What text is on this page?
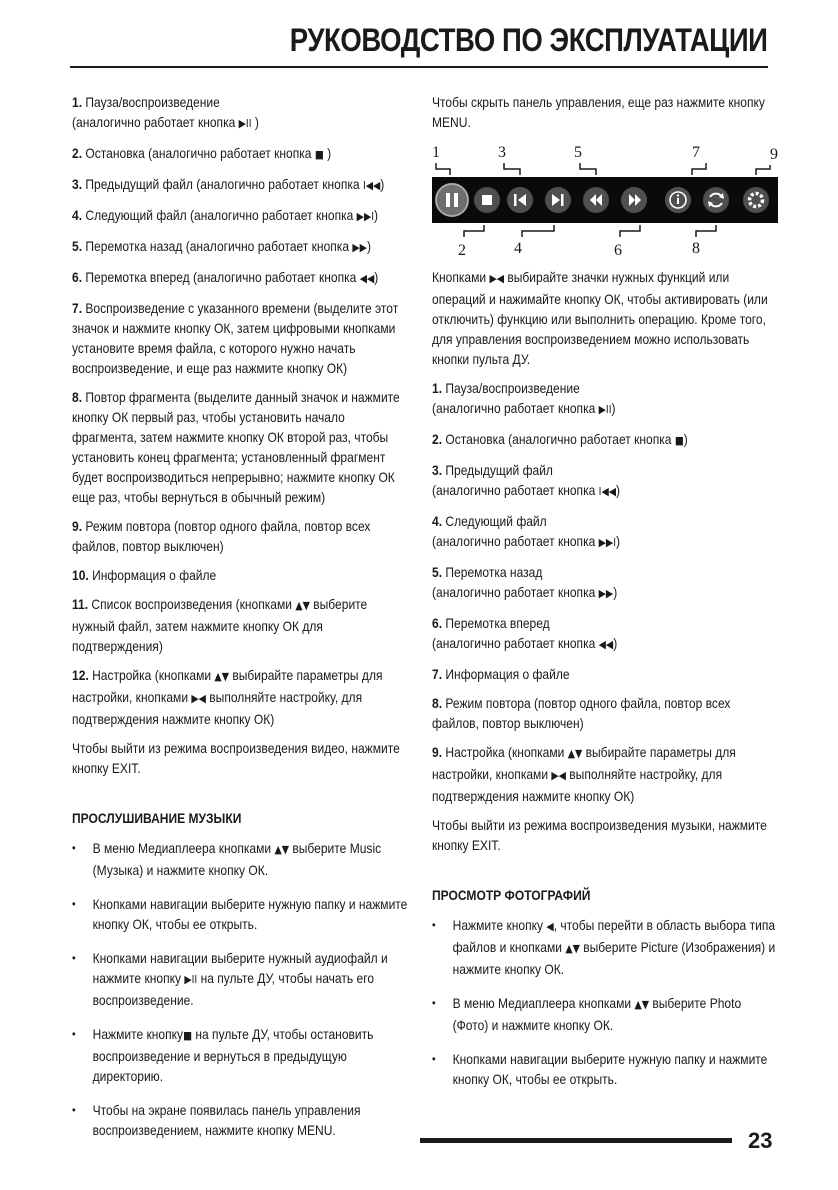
РУКОВОДСТВО ПО ЭКСПЛУАТАЦИИ

1. Пауза/воспроизведение
(аналогично работает кнопка ▶II )

2. Остановка (аналогично работает кнопка ■ )

3. Предыдущий файл (аналогично работает кнопка I◀◀)

4. Следующий файл (аналогично работает кнопка ▶▶I)

5. Перемотка назад (аналогично работает кнопка ▶▶)

6. Перемотка вперед (аналогично работает кнопка ◀◀)

7. Воспроизведение с указанного времени (выделите этот значок и нажмите кнопку ОК, затем цифровыми кнопками установите время файла, с которого нужно начать воспроизведение, и еще раз нажмите кнопку ОК)

8. Повтор фрагмента (выделите данный значок и нажмите кнопку ОК первый раз, чтобы установить начало фрагмента, затем нажмите кнопку ОК второй раз, чтобы установить конец фрагмента; установленный фрагмент будет воспроизводиться непрерывно; нажмите кнопку ОК еще раз, чтобы вернуться в обычный режим)

9. Режим повтора (повтор одного файла, повтор всех файлов, повтор выключен)

10. Информация о файле

11. Список воспроизведения (кнопками ▲▼ выберите нужный файл, затем нажмите кнопку ОК для подтверждения)

12. Настройка (кнопками ▲▼ выбирайте параметры для настройки, кнопками ▶◀ выполняйте настройку, для подтверждения нажмите кнопку ОК)

Чтобы выйти из режима воспроизведения видео, нажмите кнопку EXIT.

ПРОСЛУШИВАНИЕ МУЗЫКИ
• В меню Медиаплеера кнопками ▲▼ выберите Music (Музыка) и нажмите кнопку ОК.
• Кнопками навигации выберите нужную папку и нажмите кнопку ОК, чтобы ее открыть.
• Кнопками навигации выберите нужный аудиофайл и нажмите кнопку ▶II на пульте ДУ, чтобы начать его воспроизведение.
• Нажмите кнопку■ на пульте ДУ, чтобы остановить воспроизведение и вернуться в предыдущую директорию.
• Чтобы на экране появилась панель управления воспроизведением, нажмите кнопку MENU.

Чтобы скрыть панель управления, еще раз нажмите кнопку MENU.

1	3	5	7	9
2	4	6	8

Кнопками ▶◀ выбирайте значки нужных функций или операций и нажимайте кнопку ОК, чтобы активировать (или отключить) функцию или выполнить операцию. Кроме того, для управления воспроизведением можно использовать кнопки пульта ДУ.

1. Пауза/воспроизведение
(аналогично работает кнопка ▶II)

2. Остановка (аналогично работает кнопка ■)

3. Предыдущий файл
(аналогично работает кнопка I◀◀)

4. Следующий файл
(аналогично работает кнопка ▶▶I)

5. Перемотка назад
(аналогично работает кнопка ▶▶)

6. Перемотка вперед
(аналогично работает кнопка ◀◀)

7. Информация о файле

8. Режим повтора (повтор одного файла, повтор всех файлов, повтор выключен)

9. Настройка (кнопками ▲▼ выбирайте параметры для настройки, кнопками ▶◀ выполняйте настройку, для подтверждения нажмите кнопку ОК)

Чтобы выйти из режима воспроизведения музыки, нажмите кнопку EXIT.

ПРОСМОТР ФОТОГРАФИЙ
• Нажмите кнопку ◀, чтобы перейти в область выбора типа файлов и кнопками ▲▼ выберите Picture (Изображения) и нажмите кнопку ОК.
• В меню Медиаплеера кнопками ▲▼ выберите Photo (Фото) и нажмите кнопку ОК.
• Кнопками навигации выберите нужную папку и нажмите кнопку ОК, чтобы ее открыть.
23
